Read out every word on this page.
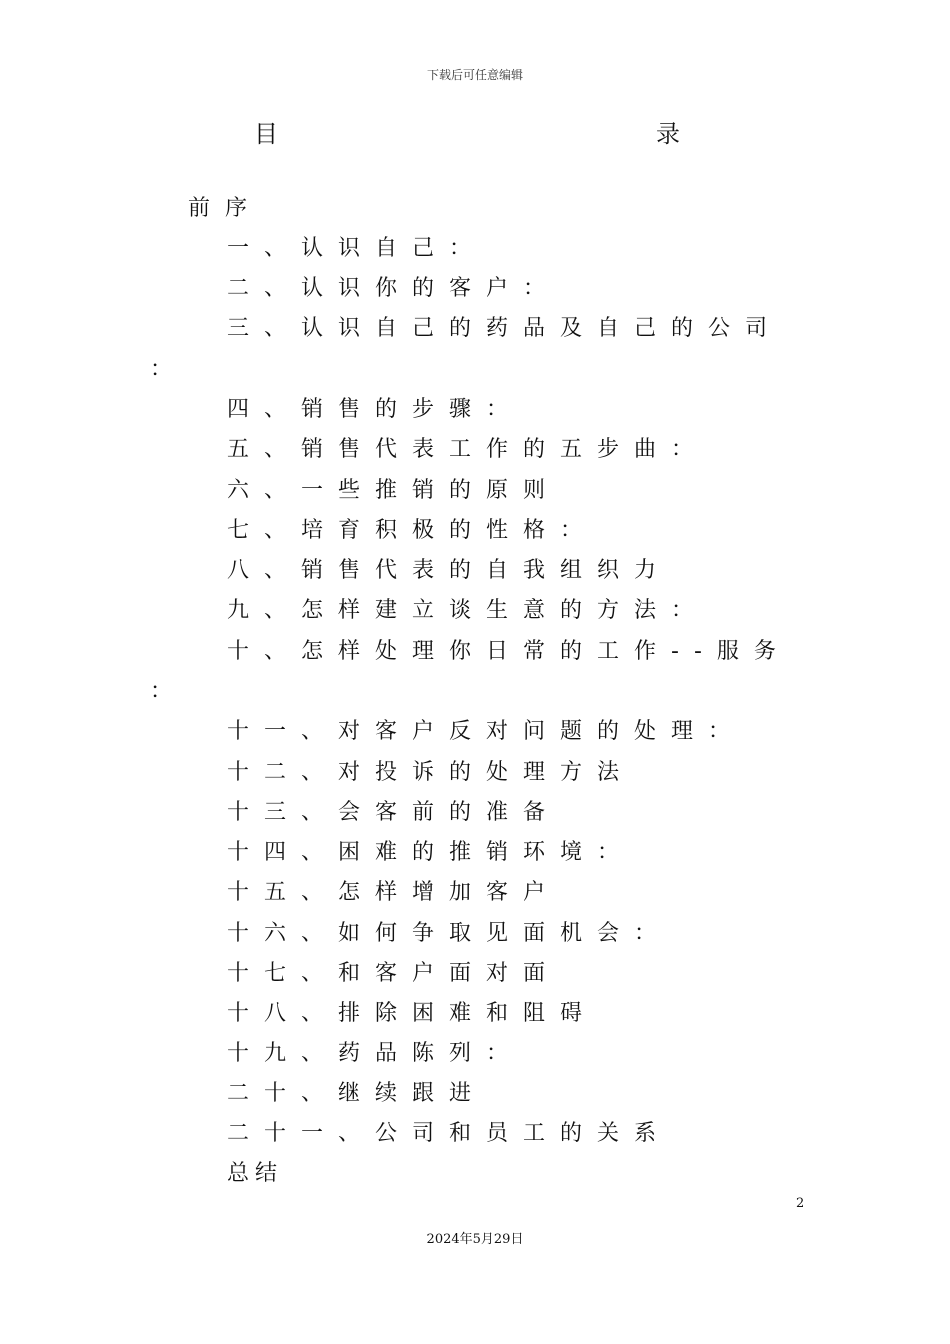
下载后可任意编辑
目	录
前序
一、认识自己：
二、认识你的客户：
三、认识自己的药品及自己的公司
：
四、销售的步骤：
五、销售代表工作的五步曲：
六、一些推销的原则
七、培育积极的性格：
八、销售代表的自我组织力
九、怎样建立谈生意的方法：
十、怎样处理你日常的工作--服务
：
十一、对客户反对问题的处理：
十二、对投诉的处理方法
十三、会客前的准备
十四、困难的推销环境：
十五、怎样增加客户
十六、如何争取见面机会：
十七、和客户面对面
十八、排除困难和阻碍
十九、药品陈列：
二十、继续跟进
二十一、公司和员工的关系
总结
2
2024年5月29日
